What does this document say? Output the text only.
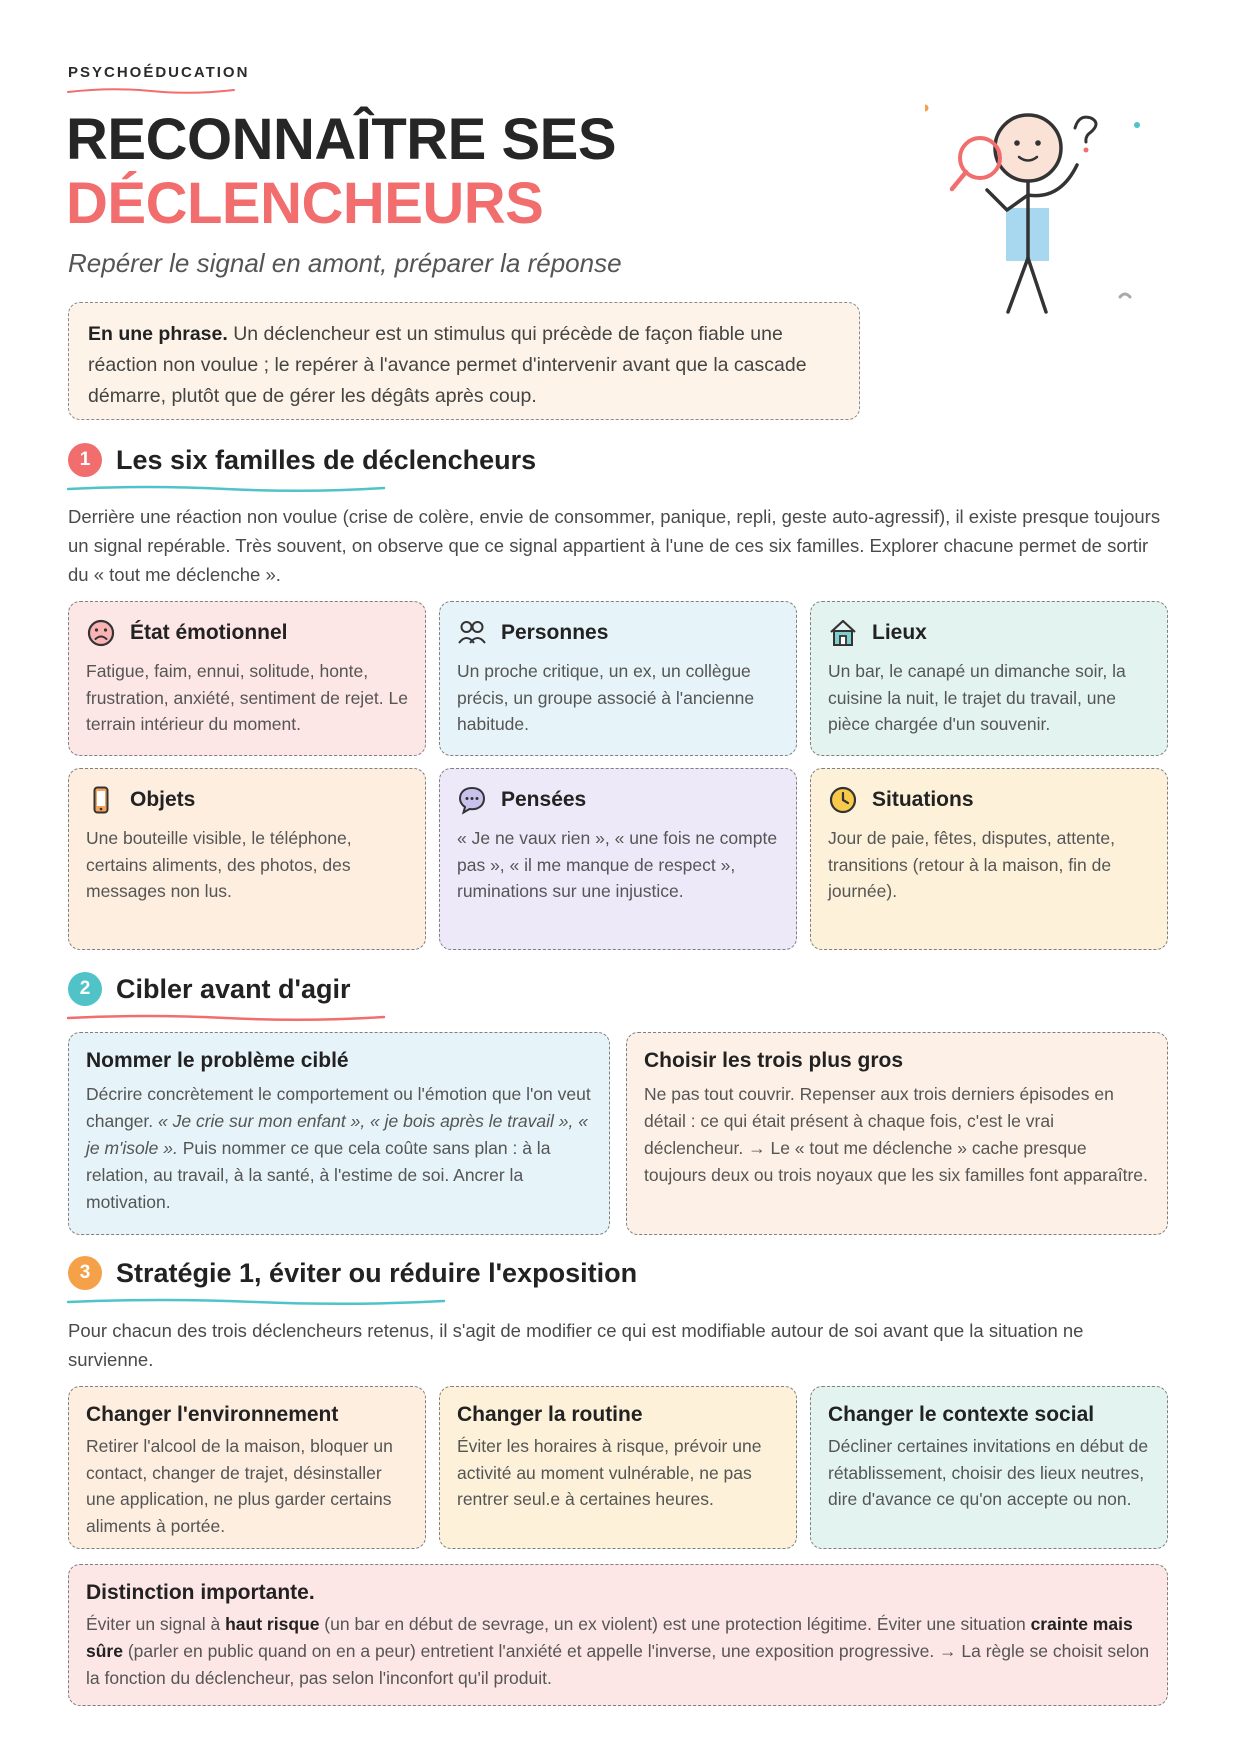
PSYCHOÉDUCATION
RECONNAÎTRE SES
DÉCLENCHEURS
Repérer le signal en amont, préparer la réponse
En une phrase. Un déclencheur est un stimulus qui précède de façon fiable une réaction non voulue ; le repérer à l'avance permet d'intervenir avant que la cascade démarre, plutôt que de gérer les dégâts après coup.
1 Les six familles de déclencheurs
Derrière une réaction non voulue (crise de colère, envie de consommer, panique, repli, geste auto-agressif), il existe presque toujours un signal repérable. Très souvent, on observe que ce signal appartient à l'une de ces six familles. Explorer chacune permet de sortir du « tout me déclenche ».
État émotionnel
Fatigue, faim, ennui, solitude, honte, frustration, anxiété, sentiment de rejet. Le terrain intérieur du moment.
Personnes
Un proche critique, un ex, un collègue précis, un groupe associé à l'ancienne habitude.
Lieux
Un bar, le canapé un dimanche soir, la cuisine la nuit, le trajet du travail, une pièce chargée d'un souvenir.
Objets
Une bouteille visible, le téléphone, certains aliments, des photos, des messages non lus.
Pensées
« Je ne vaux rien », « une fois ne compte pas », « il me manque de respect », ruminations sur une injustice.
Situations
Jour de paie, fêtes, disputes, attente, transitions (retour à la maison, fin de journée).
2 Cibler avant d'agir
Nommer le problème ciblé
Décrire concrètement le comportement ou l'émotion que l'on veut changer. « Je crie sur mon enfant », « je bois après le travail », « je m'isole ». Puis nommer ce que cela coûte sans plan : à la relation, au travail, à la santé, à l'estime de soi. Ancrer la motivation.
Choisir les trois plus gros
Ne pas tout couvrir. Repenser aux trois derniers épisodes en détail : ce qui était présent à chaque fois, c'est le vrai déclencheur. → Le « tout me déclenche » cache presque toujours deux ou trois noyaux que les six familles font apparaître.
3 Stratégie 1, éviter ou réduire l'exposition
Pour chacun des trois déclencheurs retenus, il s'agit de modifier ce qui est modifiable autour de soi avant que la situation ne survienne.
Changer l'environnement
Retirer l'alcool de la maison, bloquer un contact, changer de trajet, désinstaller une application, ne plus garder certains aliments à portée.
Changer la routine
Éviter les horaires à risque, prévoir une activité au moment vulnérable, ne pas rentrer seul.e à certaines heures.
Changer le contexte social
Décliner certaines invitations en début de rétablissement, choisir des lieux neutres, dire d'avance ce qu'on accepte ou non.
Distinction importante.
Éviter un signal à haut risque (un bar en début de sevrage, un ex violent) est une protection légitime. Éviter une situation crainte mais sûre (parler en public quand on en a peur) entretient l'anxiété et appelle l'inverse, une exposition progressive. → La règle se choisit selon la fonction du déclencheur, pas selon l'inconfort qu'il produit.
